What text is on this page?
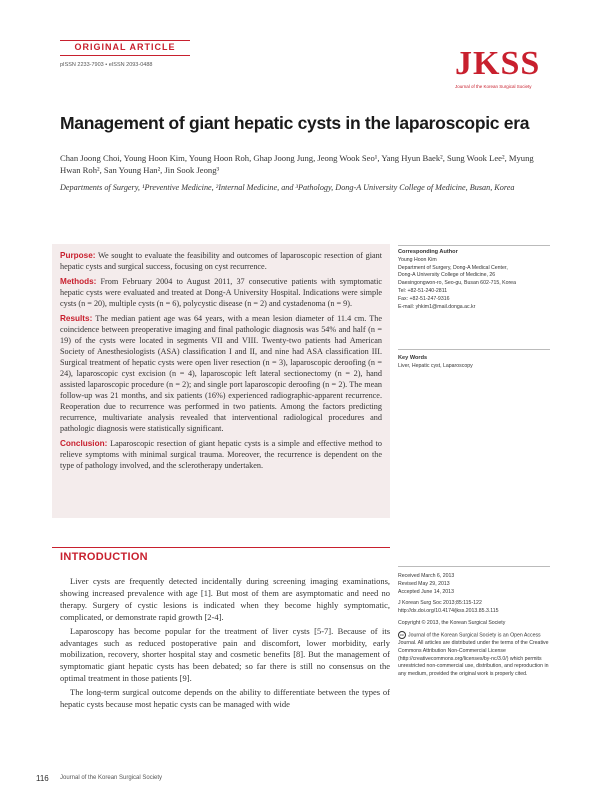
ORIGINAL ARTICLE
pISSN 2233-7903 • eISSN 2093-0488	JKSS
Journal of the Korean Surgical Society
Management of giant hepatic cysts in the laparoscopic era
Chan Joong Choi, Young Hoon Kim, Young Hoon Roh, Ghap Joong Jung, Jeong Wook Seo¹, Yang Hyun Baek², Sung Wook Lee², Myung Hwan Roh², San Young Han², Jin Sook Jeong³
Departments of Surgery, ¹Preventive Medicine, ²Internal Medicine, and ³Pathology, Dong-A University College of Medicine, Busan, Korea

Purpose: We sought to evaluate the feasibility and outcomes of laparoscopic resection of giant hepatic cysts and surgical success, focusing on cyst recurrence.

Methods: From February 2004 to August 2011, 37 consecutive patients with symptomatic hepatic cysts were evaluated and treated at Dong-A University Hospital. Indications were simple cysts (n = 20), multiple cysts (n = 6), polycystic disease (n = 2) and cystadenoma (n = 9).

Results: The median patient age was 64 years, with a mean lesion diameter of 11.4 cm. The coincidence between preoperative imaging and final pathologic diagnosis was 54% and half (n = 19) of the cysts were located in segments VII and VIII. Twenty-two patients had American Society of Anesthesiologists (ASA) classification I and II, and nine had ASA classification III. Surgical treatment of hepatic cysts were open liver resection (n = 3), laparoscopic deroofing (n = 24), laparoscopic cyst excision (n = 4), laparoscopic left lateral sectionectomy (n = 2), hand assisted laparoscopic procedure (n = 2); and single port laparoscopic deroofing (n = 2). The mean follow-up was 21 months, and six patients (16%) experienced radiographic-apparent recurrence. Reoperation due to recurrence was performed in two patients. Among the factors predicting recurrence, multivariate analysis revealed that interventional radiological procedures and pathologic diagnosis were statistically significant.

Conclusion: Laparoscopic resection of giant hepatic cysts is a simple and effective method to relieve symptoms with minimal surgical trauma. Moreover, the recurrence is dependent on the type of pathology involved, and the sclerotherapy undertaken.

Corresponding Author
Young Hoon Kim
Department of Surgery, Dong-A Medical Center,
Dong-A University College of Medicine, 26
Daesingongwon-ro, Seo-gu, Busan 602-715, Korea
Tel: +82-51-240-2811
Fax: +82-51-247-9316
E-mail: yhkim1@mail.donga.ac.kr
Key Words
Liver, Hepatic cyst, Laparoscopy
Received March 6, 2013
Revised May 29, 2013
Accepted June 14, 2013
J Korean Surg Soc 2013;85:115-122
http://dx.doi.org/10.4174/jkss.2013.85.3.115
Copyright © 2013, the Korean Surgical Society
cc Journal of the Korean Surgical Society is an Open Access Journal. All articles are distributed under the terms of the Creative Commons Attribution Non-Commercial License (http://creativecommons.org/licenses/by-nc/3.0/) which permits unrestricted non-commercial use, distribution, and reproduction in any medium, provided the original work is properly cited.
INTRODUCTION

Liver cysts are frequently detected incidentally during screening imaging examinations, showing increased prevalence with age [1]. But most of them are asymptomatic and need no therapy. Surgery of cystic lesions is indicated when they become highly symptomatic, complicated, or demonstrate rapid growth [2-4].

Laparoscopy has become popular for the treatment of liver cysts [5-7]. Because of its advantages such as reduced postoperative pain and discomfort, lower morbidity, early mobilization, recovery, shorter hospital stay and cosmetic benefits [8]. But the management of symptomatic giant hepatic cysts has been debated; so far there is still no consensus on the optimal treatment in those patients [9].

The long-term surgical outcome depends on the ability to differentiate between the types of hepatic cysts because most hepatic cysts can be managed with wide

116 Journal of the Korean Surgical Society
